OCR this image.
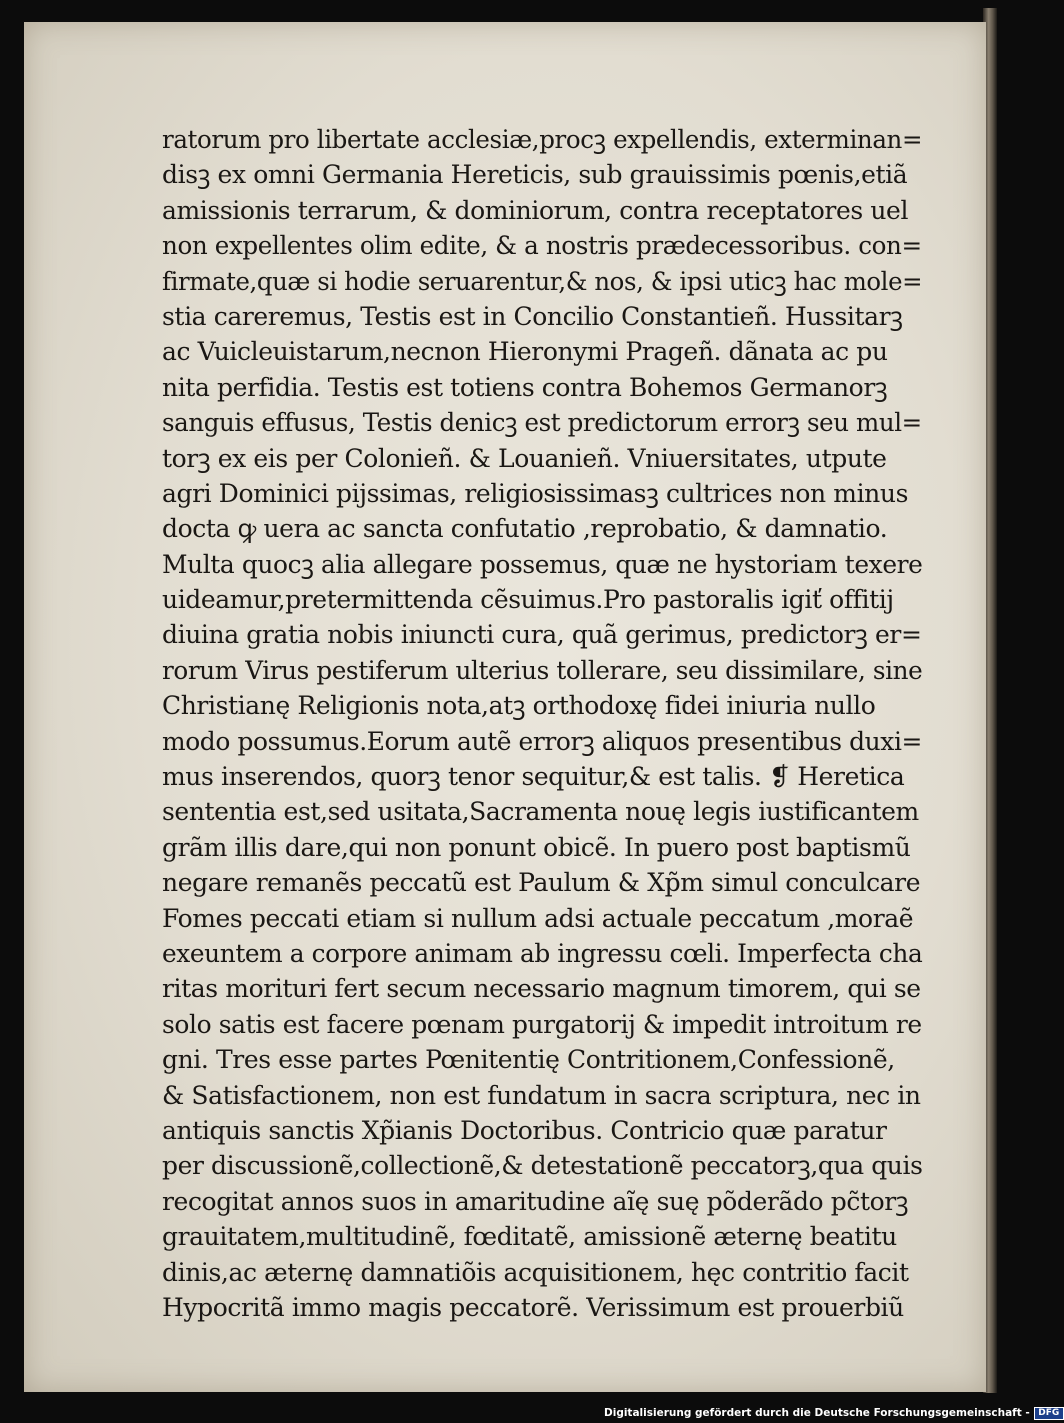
ratorum pro libertate acclesiæ,procꝫ expellendis, exterminan=
disꝫ ex omni Germania Hereticis, sub grauissimis pœnis,etiã
amissionis terrarum, & dominiorum, contra receptatores uel
non expellentes olim edite, & a nostris prædecessoribus. con=
firmate,quæ si hodie seruarentur,& nos, & ipsi uticꝫ hac mole=
stia careremus, Testis est in Concilio Constantieñ. Hussitarꝫ
ac Vuicleuistarum,necnon Hieronymi Prageñ. dãnata ac pu
nita perfidia. Testis est totiens contra Bohemos Germanorꝫ
sanguis effusus, Testis denicꝫ est predictorum errorꝫ seu mul=
torꝫ ex eis per Colonieñ. & Louanieñ. Vniuersitates, utpute
agri Dominici pijssimas, religiosissimasꝫ cultrices non minus
docta ꝙ uera ac sancta confutatio ,reprobatio, & damnatio.
Multa quocꝫ alia allegare possemus, quæ ne hystoriam texere
uideamur,pretermittenda cẽsuimus.Pro pastoralis igiť offitij
diuina gratia nobis iniuncti cura, quã gerimus, predictorꝫ er=
rorum Virus pestiferum ulterius tollerare, seu dissimilare, sine
Christianę Religionis nota,atꝫ orthodoxę fidei iniuria nullo
modo possumus.Eorum autẽ errorꝫ aliquos presentibus duxi=
mus inserendos, quorꝫ tenor sequitur,& est talis. ❡ Heretica
sententia est,sed usitata,Sacramenta nouę legis iustificantem
grãm illis dare,qui non ponunt obicẽ. In puero post baptismũ
negare remanẽs peccatũ est Paulum & Xp̃m simul conculcare
Fomes peccati etiam si nullum adsi actuale peccatum ,moraẽ
exeuntem a corpore animam ab ingressu cœli. Imperfecta cha
ritas morituri fert secum necessario magnum timorem, qui se
solo satis est facere pœnam purgatorij & impedit introitum re
gni. Tres esse partes Pœnitentię Contritionem,Confessionẽ,
& Satisfactionem, non est fundatum in sacra scriptura, nec in
antiquis sanctis Xp̃ianis Doctoribus. Contricio quæ paratur
per discussionẽ,collectionẽ,& detestationẽ peccatorꝫ,qua quis
recogitat annos suos in amaritudine aĩę suę põderãdo pc̃torꝫ
grauitatem,multitudinẽ, fœditatẽ, amissionẽ æternę beatitu
dinis,ac æternę damnatiõis acquisitionem, hęc contritio facit
Hypocritã immo magis peccatorẽ. Verissimum est prouerbiũ
Digitalisierung gefördert durch die Deutsche Forschungsgemeinschaft - DFG
